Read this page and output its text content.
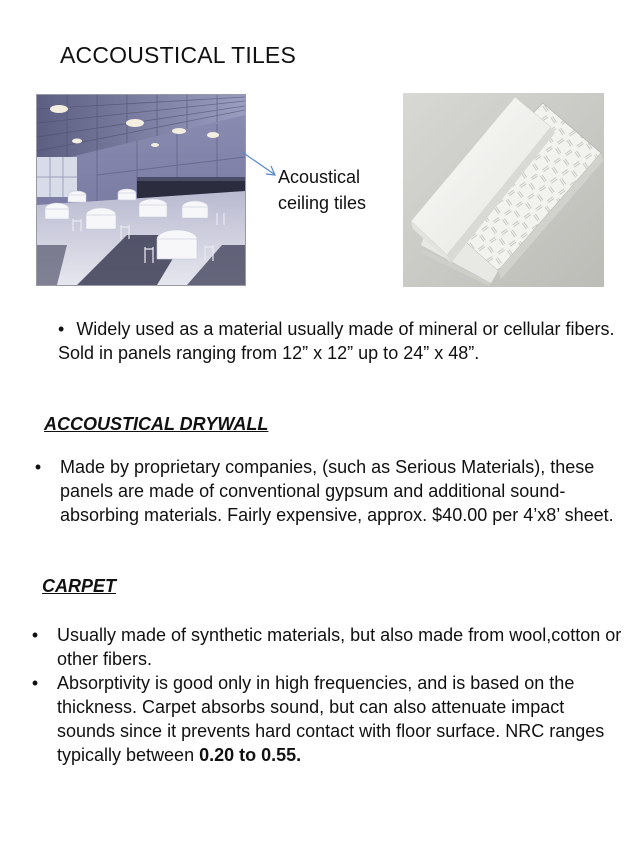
ACCOUSTICAL TILES
Acoustical
ceiling tiles
• Widely used as a material usually made of mineral or cellular fibers. Sold in panels ranging from 12” x 12” up to 24” x 48”.
ACCOUSTICAL DRYWALL
•	Made by proprietary companies, (such as Serious Materials), these panels are made of conventional gypsum and additional sound-absorbing materials. Fairly expensive, approx. $40.00 per 4’x8’ sheet.
CARPET
•	Usually made of synthetic materials, but also made from wool,cotton or other fibers.
•	Absorptivity is good only in high frequencies, and is based on the thickness. Carpet absorbs sound, but can also attenuate impact sounds since it prevents hard contact with floor surface. NRC ranges typically between 0.20 to 0.55.
